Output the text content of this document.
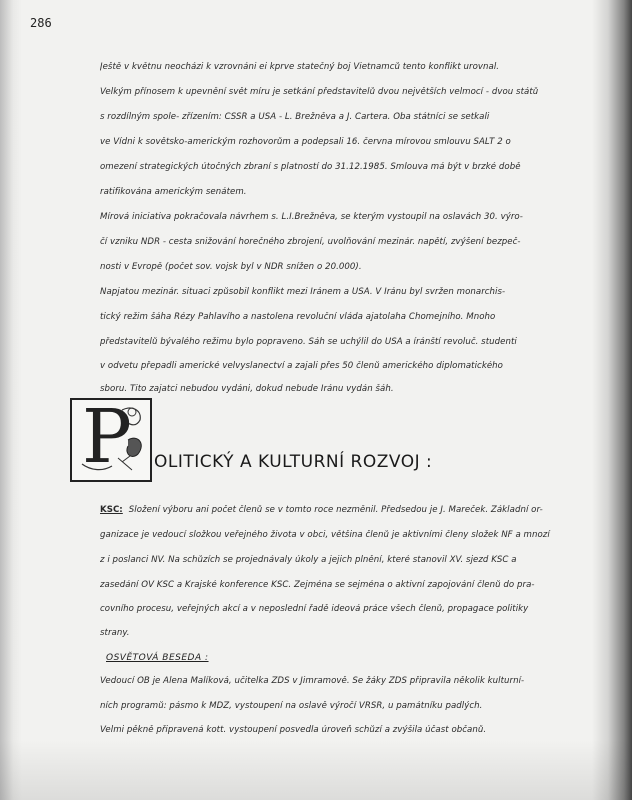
286
Ještě v květnu neocházi k vzrovnáni ei kprve statečný boj Vietnamců tento konflikt urovnal.
Velkým přínosem k upevnění svět míru je setkání představitelů dvou největších velmocí - dvou států
s rozdílným spole- zřízením: ČSSR a USA - L. Brežněva a J. Cartera. Oba státníci se setkali
ve Vídni k sovětsko-americkým rozhovorům a podepsali 16. června mírovou smlouvu SALT 2 o
omezení strategických útočných zbraní s platností do 31.12.1985. Smlouva má být v brzké době
ratifikována americkým senátem.
Mírová iniciativa pokračovala návrhem s. L.I.Brežněva, se kterým vystoupil na oslavách 30. výro-
čí vzniku NDR - cesta snižování horečného zbrojení, uvolňování mezinár. napětí, zvýšení bezpeč-
nosti v Evropě (počet sov. vojsk byl v NDR snížen o 20.000).
Napjatou mezinár. situaci způsobil konflikt mezi Íránem a USA. V Íránu byl svržen monarchis-
tický režim šáha Rézy Pahlavího a nastolena revoluční vláda ajatolaha Chomejního. Mnoho
představitelů bývalého režimu bylo popraveno. Šáh se uchýlil do USA a íránští revoluč. studenti
v odvetu přepadli americké velvyslanectví a zajali přes 50 členů amerického diplomatického
sboru. Tito zajatci nebudou vydáni, dokud nebude Íránu vydán šáh.
P OLITICKÝ A KULTURNÍ ROZVOJ :
KSČ: Složení výboru ani počet členů se v tomto roce nezměnil. Předsedou je J. Mareček. Základní or-
ganizace je vedoucí složkou veřejného života v obci, většina členů je aktivními členy složek NF a mnozí
z i poslanci NV. Na schůzích se projednávaly úkoly a jejich plnění, které stanovil XV. sjezd KSČ a
zasedání OV KSČ a Krajské konference KSČ. Zejména se sejména o aktivní zapojování členů do pra-
covního procesu, veřejných akcí a v neposlední řadě ideová práce všech členů, propagace politiky
strany.
OSVĚTOVÁ BESEDA :
Vedoucí OB je Alena Malíková, učitelka ZDŠ v Jimramově. Se žáky ZDŠ připravila několik kulturní-
ních programů: pásmo k MDŽ, vystoupení na oslavě výročí VŘSR, u památníku padlých.
Velmi pěkně připravená kott. vystoupení posvedla úroveň schůzí a zvýšila účast občanů.
